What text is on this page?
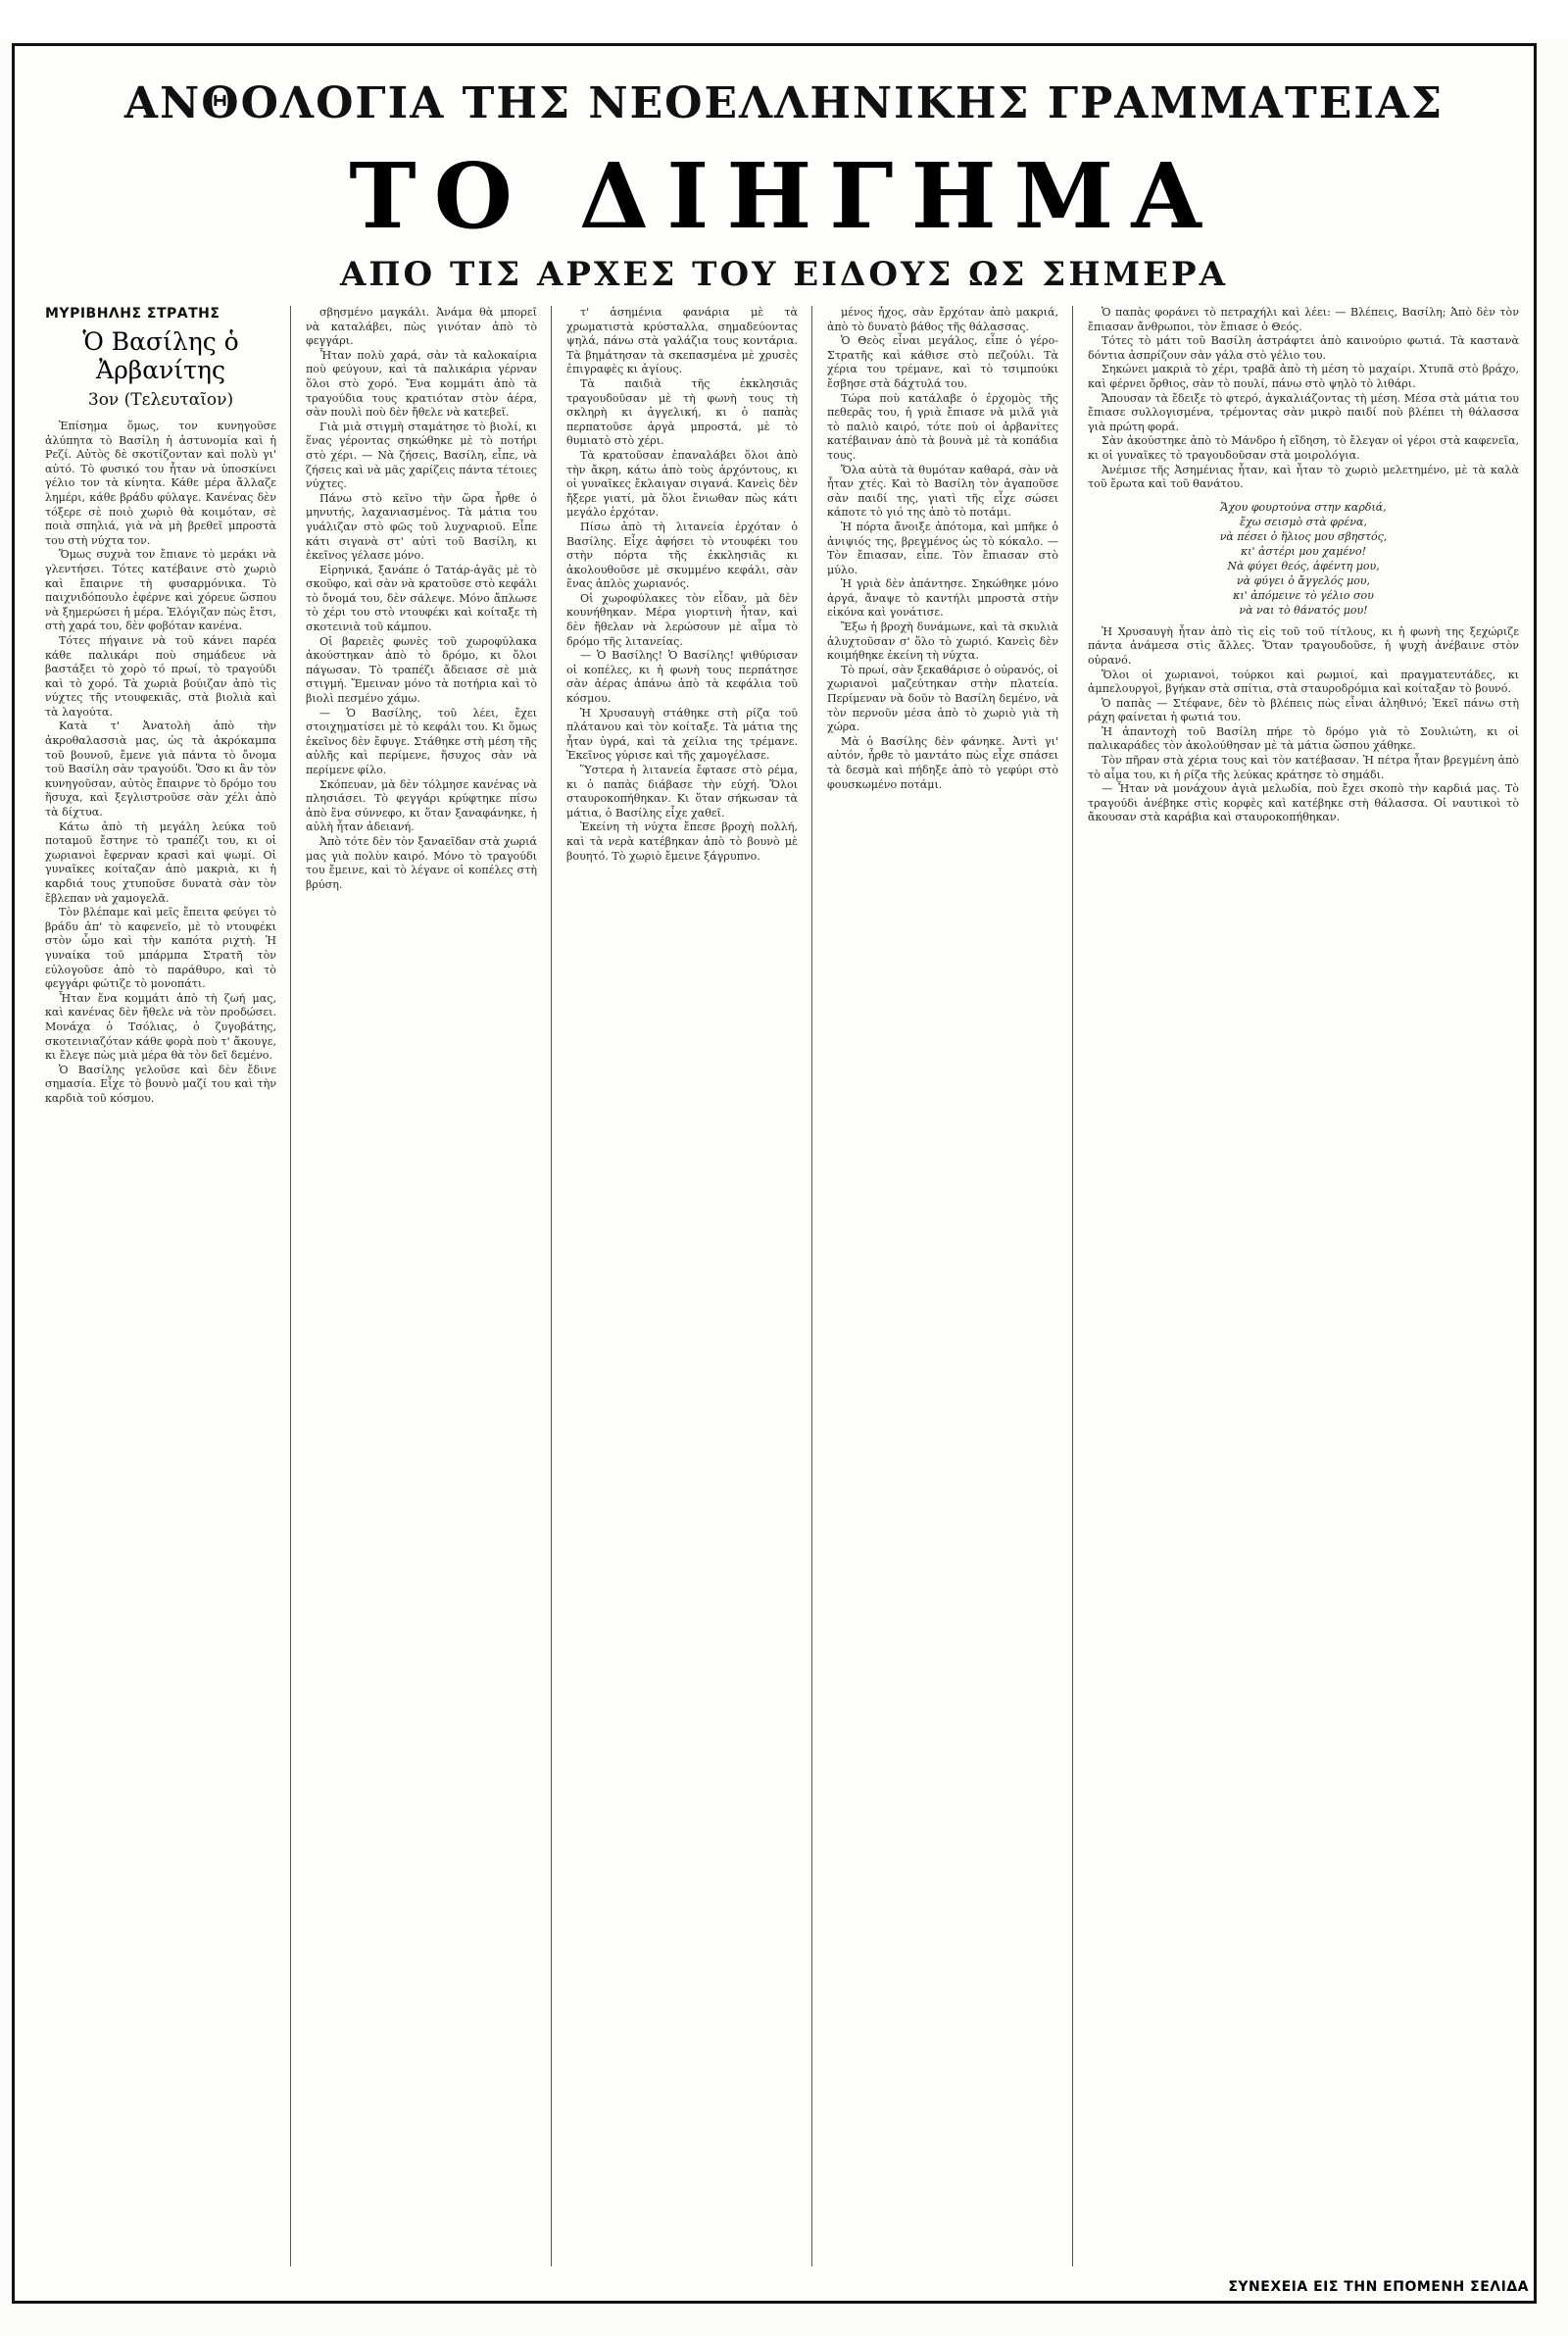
ΑΝΘΟΛΟΓΙΑ ΤΗΣ ΝΕΟΕΛΛΗΝΙΚΗΣ ΓΡΑΜΜΑΤΕΙΑΣ
ΤΟ ΔΙΗΓΗΜΑ
ΑΠΟ ΤΙΣ ΑΡΧΕΣ ΤΟΥ ΕΙΔΟΥΣ ΩΣ ΣΗΜΕΡΑ
ΜΥΡΙΒΗΛΗΣ ΣΤΡΑΤΗΣ
Ὁ Βασίλης ὁ Ἀρβανίτης
3ον (Τελευταῖον)

Ἐπίσημα ὅμως, τον κυνηγοῦσε ἀλύπητα τὸ Βασίλη ἡ ἀστυνομία καὶ ἡ Ρεζί. Αὐτὸς δὲ σκοτίζονταν καὶ πολὺ γι' αὐτό. Τὸ φυσικό του ἦταν νὰ ὑποσκίνει γέλιο τον τὰ κίνητα. Κάθε μέρα ἄλλαζε λημέρι, κάθε βράδυ φύλαγε. Κανένας δὲν τόξερε σὲ ποιὸ χωριὸ θὰ κοιμόταν, σὲ ποιὰ σπηλιά, γιὰ νὰ μὴ βρεθεῖ μπροστὰ του στὴ νύχτα τον.

Ὅμως συχνὰ τον ἔπιανε τὸ μεράκι νὰ γλεντήσει. Τότες κατέβαινε στὸ χωριὸ καὶ ἔπαιρνε τὴ φυσαρμόνικα. Τὸ παιχνιδόπουλο ἐφέρνε καὶ χόρευε ὥσπου νὰ ξημερώσει ἡ μέρα. Ἐλόγιζαν πὼς ἔτσι, στὴ χαρά του, δὲν φοβόταν κανένα.

Τότες πήγαινε νὰ τοῦ κάνει παρέα κάθε παλικάρι ποὺ σημάδευε νὰ βαστάξει τὸ χορὸ τό πρωί, τὸ τραγούδι καὶ τὸ χορό. Τὰ χωριὰ βούιζαν ἀπὸ τὶς νύχτες τῆς ντουφεκιᾶς, στὰ βιολιὰ καὶ τὰ λαγούτα.

Κατὰ τ' Ἀνατολὴ ἀπὸ τὴν ἀκροθαλασσιὰ μας, ὡς τὰ ἀκρόκαμπα τοῦ βουνοῦ, ἔμενε γιὰ πάντα τὸ ὄνομα τοῦ Βασίλη σὰν τραγούδι. Ὅσο κι ἂν τὸν κυνηγοῦσαν, αὐτὸς ἔπαιρνε τὸ δρόμο του ἥσυχα, καὶ ξεγλιστροῦσε σὰν χέλι ἀπὸ τὰ δίχτυα.

Κάτω ἀπὸ τὴ μεγάλη λεύκα τοῦ ποταμοῦ ἔστηνε τὸ τραπέζι του, κι οἱ χωριανοὶ ἔφερναν κρασὶ καὶ ψωμί. Οἱ γυναῖκες κοίταζαν ἀπὸ μακριὰ, κι ἡ καρδιά τους χτυποῦσε δυνατὰ σὰν τὸν ἔβλεπαν νὰ χαμογελᾶ.

Τὸν βλέπαμε καὶ μεῖς ἔπειτα φεύγει τὸ βράδυ ἀπ' τὸ καφενεῖο, μὲ τὸ ντουφέκι στὸν ὦμο καὶ τὴν καπότα ριχτὴ. Ἡ γυναίκα τοῦ μπάρμπα Στρατῆ τὸν εὐλογοῦσε ἀπὸ τὸ παράθυρο, καὶ τὸ φεγγάρι φώτιζε τὸ μονοπάτι.

Ἦταν ἕνα κομμάτι ἀπὸ τὴ ζωή μας, καὶ κανένας δὲν ἤθελε νὰ τὸν προδώσει. Μονάχα ὁ Τσόλιας, ὁ ζυγοβάτης, σκοτεινιαζόταν κάθε φορὰ ποὺ τ' ἄκουγε, κι ἔλεγε πὼς μιὰ μέρα θὰ τὸν δεῖ δεμένο.

Ὁ Βασίλης γελοῦσε καὶ δὲν ἔδινε σημασία. Εἶχε τὸ βουνὸ μαζί του καὶ τὴν καρδιὰ τοῦ κόσμου.

σβησμένο μαγκάλι. Ἀνάμα θὰ μπορεῖ νὰ καταλάβει, πὼς γινόταν ἀπὸ τὸ φεγγάρι.

Ἦταν πολὺ χαρά, σὰν τὰ καλοκαίρια ποὺ φεύγουν, καὶ τὰ παλικάρια γέρναν ὅλοι στὸ χορό. Ἔνα κομμάτι ἀπὸ τὰ τραγούδια τους κρατιόταν στὸν ἀέρα, σὰν πουλὶ ποὺ δὲν ἤθελε νὰ κατεβεῖ.

Γιὰ μιὰ στιγμὴ σταμάτησε τὸ βιολί, κι ἕνας γέροντας σηκώθηκε μὲ τὸ ποτήρι στὸ χέρι. — Νὰ ζήσεις, Βασίλη, εἶπε, νὰ ζήσεις καὶ νὰ μᾶς χαρίζεις πάντα τέτοιες νύχτες.

Πάνω στὸ κεῖνο τὴν ὥρα ἦρθε ὁ μηνυτής, λαχανιασμένος. Τὰ μάτια του γυάλιζαν στὸ φῶς τοῦ λυχναριοῦ. Εἶπε κάτι σιγανὰ στ' αὐτὶ τοῦ Βασίλη, κι ἐκεῖνος γέλασε μόνο.

Εἰρηνικά, ξανάπε ὁ Τατάρ-ἀγᾶς μὲ τὸ σκοῦφο, καὶ σὰν νὰ κρατοῦσε στὸ κεφάλι τὸ ὄνομά του, δὲν σάλεψε. Μόνο ἄπλωσε τὸ χέρι του στὸ ντουφέκι καὶ κοίταξε τὴ σκοτεινιὰ τοῦ κάμπου.

Οἱ βαρειὲς φωνὲς τοῦ χωροφύλακα ἀκούστηκαν ἀπὸ τὸ δρόμο, κι ὅλοι πάγωσαν. Τὸ τραπέζι ἄδειασε σὲ μιὰ στιγμή. Ἔμειναν μόνο τὰ ποτήρια καὶ τὸ βιολὶ πεσμένο χάμω.

— Ὁ Βασίλης, τοῦ λέει, ἔχει στοιχηματίσει μὲ τὸ κεφάλι του. Κι ὅμως ἐκεῖνος δὲν ἔφυγε. Στάθηκε στὴ μέση τῆς αὐλῆς καὶ περίμενε, ἥσυχος σὰν νὰ περίμενε φίλο.

Σκόπευαν, μὰ δὲν τόλμησε κανένας νὰ πλησιάσει. Τὸ φεγγάρι κρύφτηκε πίσω ἀπὸ ἕνα σύννεφο, κι ὅταν ξαναφάνηκε, ἡ αὐλὴ ἦταν ἀδειανή.

Ἀπὸ τότε δὲν τὸν ξαναεῖδαν στὰ χωριά μας γιὰ πολὺν καιρό. Μόνο τὸ τραγούδι του ἔμεινε, καὶ τὸ λέγανε οἱ κοπέλες στὴ βρύση.

τ' ἀσημένια φανάρια μὲ τὰ χρωματιστὰ κρύσταλλα, σημαδεύοντας ψηλά, πάνω στὰ γαλάζια τους κοντάρια. Τὰ βημάτησαν τὰ σκεπασμένα μὲ χρυσὲς ἐπιγραφὲς κι ἁγίους.

Τὰ παιδιὰ τῆς ἐκκλησιᾶς τραγουδοῦσαν μὲ τὴ φωνὴ τους τὴ σκληρὴ κι ἀγγελική, κι ὁ παπὰς περπατοῦσε ἀργὰ μπροστά, μὲ τὸ θυμιατὸ στὸ χέρι.

Τὰ κρατοῦσαν ἐπαναλάβει ὅλοι ἀπὸ τὴν ἄκρη, κάτω ἀπὸ τοὺς ἀρχόντους, κι οἱ γυναῖκες ἔκλαιγαν σιγανά. Κανεὶς δὲν ἤξερε γιατί, μὰ ὅλοι ἔνιωθαν πὼς κάτι μεγάλο ἐρχόταν.

Πίσω ἀπὸ τὴ λιτανεία ἐρχόταν ὁ Βασίλης. Εἶχε ἀφήσει τὸ ντουφέκι του στὴν πόρτα τῆς ἐκκλησιᾶς κι ἀκολουθοῦσε μὲ σκυμμένο κεφάλι, σὰν ἕνας ἁπλὸς χωριανός.

Οἱ χωροφύλακες τὸν εἶδαν, μὰ δὲν κουνήθηκαν. Μέρα γιορτινὴ ἦταν, καὶ δὲν ἤθελαν νὰ λερώσουν μὲ αἷμα τὸ δρόμο τῆς λιτανείας.

— Ὁ Βασίλης! Ὁ Βασίλης! ψιθύρισαν οἱ κοπέλες, κι ἡ φωνὴ τους περπάτησε σὰν ἀέρας ἀπάνω ἀπὸ τὰ κεφάλια τοῦ κόσμου.

Ἡ Χρυσαυγὴ στάθηκε στὴ ρίζα τοῦ πλάτανου καὶ τὸν κοίταξε. Τὰ μάτια της ἦταν ὑγρά, καὶ τὰ χείλια της τρέμανε. Ἐκεῖνος γύρισε καὶ τῆς χαμογέλασε.

Ὕστερα ἡ λιτανεία ἔφτασε στὸ ρέμα, κι ὁ παπὰς διάβασε τὴν εὐχή. Ὅλοι σταυροκοπήθηκαν. Κι ὅταν σήκωσαν τὰ μάτια, ὁ Βασίλης εἶχε χαθεῖ.

Ἐκείνη τὴ νύχτα ἔπεσε βροχὴ πολλή, καὶ τὰ νερὰ κατέβηκαν ἀπὸ τὸ βουνὸ μὲ βουητό. Τὸ χωριὸ ἔμεινε ξάγρυπνο.

μένος ἦχος, σὰν ἔρχόταν ἀπὸ μακριά, ἀπὸ τὸ δυνατὸ βάθος τῆς θάλασσας.

Ὁ Θεὸς εἶναι μεγάλος, εἶπε ὁ γέρο-Στρατῆς καὶ κάθισε στὸ πεζούλι. Τὰ χέρια του τρέμανε, καὶ τὸ τσιμπούκι ἔσβησε στὰ δάχτυλά του.

Τώρα ποὺ κατάλαβε ὁ ἐρχομὸς τῆς πεθερᾶς του, ἡ γριὰ ἔπιασε νὰ μιλᾶ γιὰ τὸ παλιὸ καιρό, τότε ποὺ οἱ ἀρβανίτες κατέβαιναν ἀπὸ τὰ βουνὰ μὲ τὰ κοπάδια τους.

Ὅλα αὐτὰ τὰ θυμόταν καθαρά, σὰν νὰ ἦταν χτές. Καὶ τὸ Βασίλη τὸν ἀγαποῦσε σὰν παιδί της, γιατὶ τῆς εἶχε σώσει κάποτε τὸ γιό της ἀπὸ τὸ ποτάμι.

Ἡ πόρτα ἄνοιξε ἀπότομα, καὶ μπῆκε ὁ ἀνιψιός της, βρεγμένος ὡς τὸ κόκαλο. — Τὸν ἔπιασαν, εἶπε. Τὸν ἔπιασαν στὸ μύλο.

Ἡ γριὰ δὲν ἀπάντησε. Σηκώθηκε μόνο ἀργά, ἄναψε τὸ καντήλι μπροστὰ στὴν εἰκόνα καὶ γονάτισε.

Ἔξω ἡ βροχὴ δυνάμωνε, καὶ τὰ σκυλιὰ ἀλυχτοῦσαν σ' ὅλο τὸ χωριό. Κανεὶς δὲν κοιμήθηκε ἐκείνη τὴ νύχτα.

Τὸ πρωί, σὰν ξεκαθάρισε ὁ οὐρανός, οἱ χωριανοὶ μαζεύτηκαν στὴν πλατεία. Περίμεναν νὰ δοῦν τὸ Βασίλη δεμένο, νὰ τὸν περνοῦν μέσα ἀπὸ τὸ χωριὸ γιὰ τὴ χώρα.

Μὰ ὁ Βασίλης δὲν φάνηκε. Ἀντὶ γι' αὐτόν, ἦρθε τὸ μαντάτο πὼς εἶχε σπάσει τὰ δεσμὰ καὶ πήδηξε ἀπὸ τὸ γεφύρι στὸ φουσκωμένο ποτάμι.

Ὁ παπὰς φοράνει τὸ πετραχήλι καὶ λέει: — Βλέπεις, Βασίλη; Ἀπὸ δὲν τὸν ἔπιασαν ἄνθρωποι, τὸν ἔπιασε ὁ Θεός.

Τότες τὸ μάτι τοῦ Βασίλη ἀστράφτει ἀπὸ καινούριο φωτιά. Τὰ καστανὰ δόντια ἀσπρίζουν σὰν γάλα στὸ γέλιο του.

Σηκώνει μακριὰ τὸ χέρι, τραβᾶ ἀπὸ τὴ μέση τὸ μαχαίρι. Χτυπᾶ στὸ βράχο, καὶ φέρνει ὄρθιος, σὰν τὸ πουλί, πάνω στὸ ψηλὸ τὸ λιθάρι.

Ἄπουσαν τὰ ἔδειξε τὸ φτερό, ἀγκαλιάζοντας τὴ μέση. Μέσα στὰ μάτια του ἔπιασε συλλογισμένα, τρέμοντας σὰν μικρὸ παιδί ποὺ βλέπει τὴ θάλασσα γιὰ πρώτη φορά.

Σὰν ἀκούστηκε ἀπὸ τὸ Μάνδρο ἡ εἴδηση, τὸ ἔλεγαν οἱ γέροι στὰ καφενεῖα, κι οἱ γυναῖκες τὸ τραγουδοῦσαν στὰ μοιρολόγια.

Ἀνέμισε τῆς Ἀσημένιας ἦταν, καὶ ἦταν τὸ χωριὸ μελετημένο, μὲ τὰ καλὰ τοῦ ἔρωτα καὶ τοῦ θανάτου.

Ἄχου φουρτούνα στην καρδιά,
ἔχω σεισμὸ στὰ φρένα,
νὰ πέσει ὁ ἥλιος μου σβηστός,
κι' ἀστέρι μου χαμένο!
Νὰ φύγει θεός, ἀφέντη μου,
νὰ φύγει ὁ ἄγγελός μου,
κι' ἀπόμεινε τὸ γέλιο σου
νὰ ναι τὸ θάνατός μου!

Ἡ Χρυσαυγὴ ἦταν ἀπὸ τὶς εἰς τοῦ τοῦ τίτλους, κι ἡ φωνὴ της ξεχώριζε πάντα ἀνάμεσα στὶς ἄλλες. Ὅταν τραγουδοῦσε, ἡ ψυχὴ ἀνέβαινε στὸν οὐρανό.

Ὅλοι οἱ χωριανοὶ, τούρκοι καὶ ρωμιοί, καὶ πραγματευτάδες, κι ἀμπελουργοὶ, βγήκαν στὰ σπίτια, στὰ σταυροδρόμια καὶ κοίταξαν τὸ βουνό.

Ὁ παπὰς — Στέφανε, δὲν τὸ βλέπεις πὼς εἶναι ἀληθινό; Ἐκεῖ πάνω στὴ ράχη φαίνεται ἡ φωτιά του.

Ἡ ἀπαντοχὴ τοῦ Βασίλη πήρε τὸ δρόμο γιὰ τὸ Σουλιώτη, κι οἱ παλικαράδες τὸν ἀκολούθησαν μὲ τὰ μάτια ὥσπου χάθηκε.

Τὸν πῆραν στὰ χέρια τους καὶ τὸν κατέβασαν. Ἡ πέτρα ἦταν βρεγμένη ἀπὸ τὸ αἷμα του, κι ἡ ρίζα τῆς λεύκας κράτησε τὸ σημάδι.

— Ἦταν νὰ μονάχουν ἀγιὰ μελωδία, ποὺ ἔχει σκοπὸ τὴν καρδιά μας. Τὸ τραγούδι ἀνέβηκε στὶς κορφὲς καὶ κατέβηκε στὴ θάλασσα. Οἱ ναυτικοὶ τὸ ἄκουσαν στὰ καράβια καὶ σταυροκοπήθηκαν.

ΣΥΝΕΧΕΙΑ ΕΙΣ ΤΗΝ ΕΠΟΜΕΝΗ ΣΕΛΙΔΑ
